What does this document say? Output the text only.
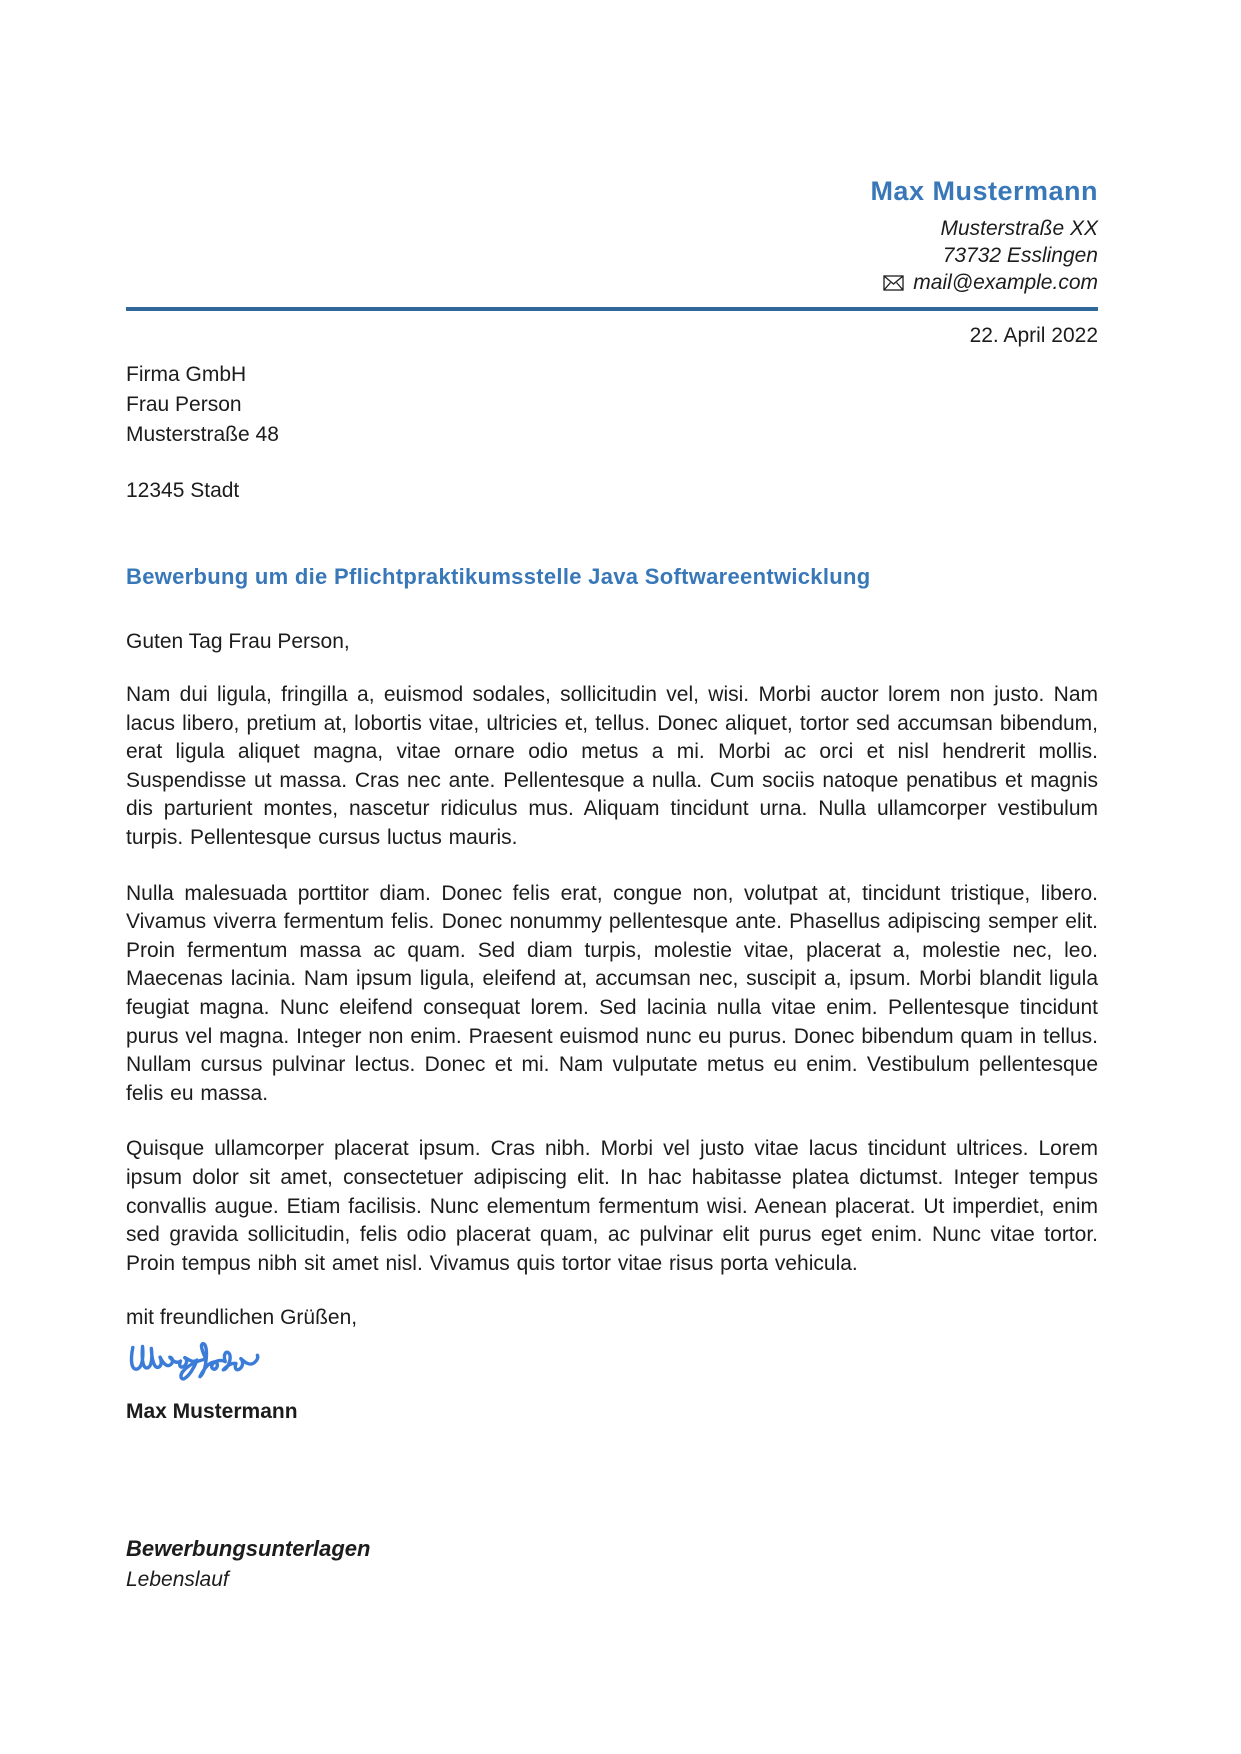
Max Mustermann
Musterstraße XX
73732 Esslingen
mail@example.com
22. April 2022
Firma GmbH
Frau Person
Musterstraße 48
12345 Stadt
Bewerbung um die Pflichtpraktikumsstelle Java Softwareentwicklung
Guten Tag Frau Person,

Nam dui ligula, fringilla a, euismod sodales, sollicitudin vel, wisi. Morbi auctor lorem non justo. Nam lacus libero, pretium at, lobortis vitae, ultricies et, tellus. Donec aliquet, tortor sed accumsan bibendum, erat ligula aliquet magna, vitae ornare odio metus a mi. Morbi ac orci et nisl hendrerit mollis. Suspendisse ut massa. Cras nec ante. Pellentesque a nulla. Cum sociis natoque penatibus et magnis dis parturient montes, nascetur ridiculus mus. Aliquam tincidunt urna. Nulla ullamcorper vestibulum turpis. Pellentesque cursus luctus mauris.

Nulla malesuada porttitor diam. Donec felis erat, congue non, volutpat at, tincidunt tristique, libero. Vivamus viverra fermentum felis. Donec nonummy pellentesque ante. Phasellus adipiscing semper elit. Proin fermentum massa ac quam. Sed diam turpis, molestie vitae, placerat a, molestie nec, leo. Maecenas lacinia. Nam ipsum ligula, eleifend at, accumsan nec, suscipit a, ipsum. Morbi blandit ligula feugiat magna. Nunc eleifend consequat lorem. Sed lacinia nulla vitae enim. Pellentesque tincidunt purus vel magna. Integer non enim. Praesent euismod nunc eu purus. Donec bibendum quam in tellus. Nullam cursus pulvinar lectus. Donec et mi. Nam vulputate metus eu enim. Vestibulum pellentesque felis eu massa.

Quisque ullamcorper placerat ipsum. Cras nibh. Morbi vel justo vitae lacus tincidunt ultrices. Lorem ipsum dolor sit amet, consectetuer adipiscing elit. In hac habitasse platea dictumst. Integer tempus convallis augue. Etiam facilisis. Nunc elementum fermentum wisi. Aenean placerat. Ut imperdiet, enim sed gravida sollicitudin, felis odio placerat quam, ac pulvinar elit purus eget enim. Nunc vitae tortor. Proin tempus nibh sit amet nisl. Vivamus quis tortor vitae risus porta vehicula.

mit freundlichen Grüßen,
Max Mustermann
Bewerbungsunterlagen
Lebenslauf
